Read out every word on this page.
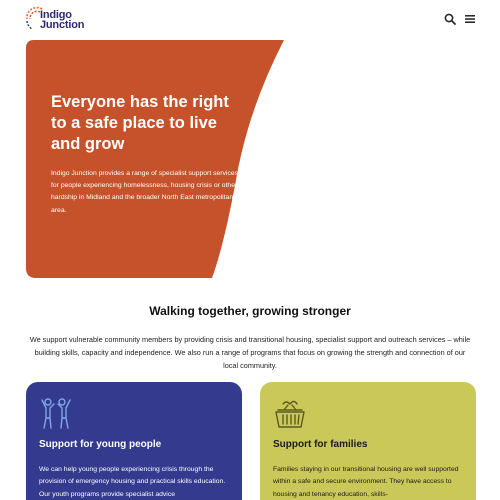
Indigo
Junction
Everyone has the right to a safe place to live and grow
Indigo Junction provides a range of specialist support services for people experiencing homelessness, housing crisis or other hardship in Midland and the broader North East metropolitan area.
Walking together, growing stronger

We support vulnerable community members by providing crisis and transitional housing, specialist support and outreach services – while building skills, capacity and independence. We also run a range of programs that focus on growing the strength and connection of our local community.

Support for young people
We can help young people experiencing crisis through the provision of emergency housing and practical skills education. Our youth programs provide specialist advice
Support for families
Families staying in our transitional housing are well supported within a safe and secure environment. They have access to housing and tenancy education, skills-
